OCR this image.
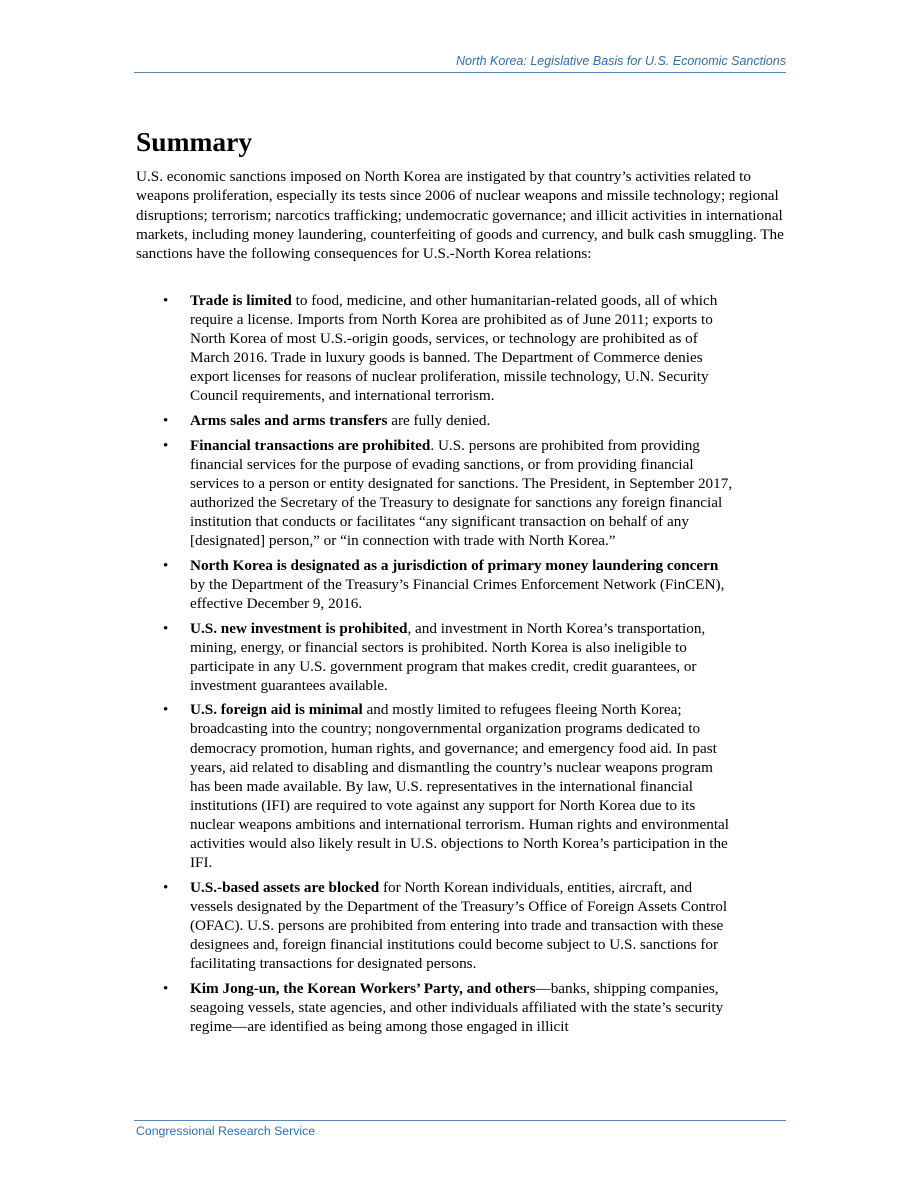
North Korea: Legislative Basis for U.S. Economic Sanctions
Summary

U.S. economic sanctions imposed on North Korea are instigated by that country’s activities related to weapons proliferation, especially its tests since 2006 of nuclear weapons and missile technology; regional disruptions; terrorism; narcotics trafficking; undemocratic governance; and illicit activities in international markets, including money laundering, counterfeiting of goods and currency, and bulk cash smuggling. The sanctions have the following consequences for U.S.-North Korea relations:

• Trade is limited to food, medicine, and other humanitarian-related goods, all of which require a license. Imports from North Korea are prohibited as of June 2011; exports to North Korea of most U.S.-origin goods, services, or technology are prohibited as of March 2016. Trade in luxury goods is banned. The Department of Commerce denies export licenses for reasons of nuclear proliferation, missile technology, U.N. Security Council requirements, and international terrorism.

• Arms sales and arms transfers are fully denied.

• Financial transactions are prohibited. U.S. persons are prohibited from providing financial services for the purpose of evading sanctions, or from providing financial services to a person or entity designated for sanctions. The President, in September 2017, authorized the Secretary of the Treasury to designate for sanctions any foreign financial institution that conducts or facilitates “any significant transaction on behalf of any [designated] person,” or “in connection with trade with North Korea.”

• North Korea is designated as a jurisdiction of primary money laundering concern by the Department of the Treasury’s Financial Crimes Enforcement Network (FinCEN), effective December 9, 2016.

• U.S. new investment is prohibited, and investment in North Korea’s transportation, mining, energy, or financial sectors is prohibited. North Korea is also ineligible to participate in any U.S. government program that makes credit, credit guarantees, or investment guarantees available.

• U.S. foreign aid is minimal and mostly limited to refugees fleeing North Korea; broadcasting into the country; nongovernmental organization programs dedicated to democracy promotion, human rights, and governance; and emergency food aid. In past years, aid related to disabling and dismantling the country’s nuclear weapons program has been made available. By law, U.S. representatives in the international financial institutions (IFI) are required to vote against any support for North Korea due to its nuclear weapons ambitions and international terrorism. Human rights and environmental activities would also likely result in U.S. objections to North Korea’s participation in the IFI.

• U.S.-based assets are blocked for North Korean individuals, entities, aircraft, and vessels designated by the Department of the Treasury’s Office of Foreign Assets Control (OFAC). U.S. persons are prohibited from entering into trade and transaction with these designees and, foreign financial institutions could become subject to U.S. sanctions for facilitating transactions for designated persons.

• Kim Jong-un, the Korean Workers’ Party, and others—banks, shipping companies, seagoing vessels, state agencies, and other individuals affiliated with the state’s security regime—are identified as being among those engaged in illicit

Congressional Research Service
